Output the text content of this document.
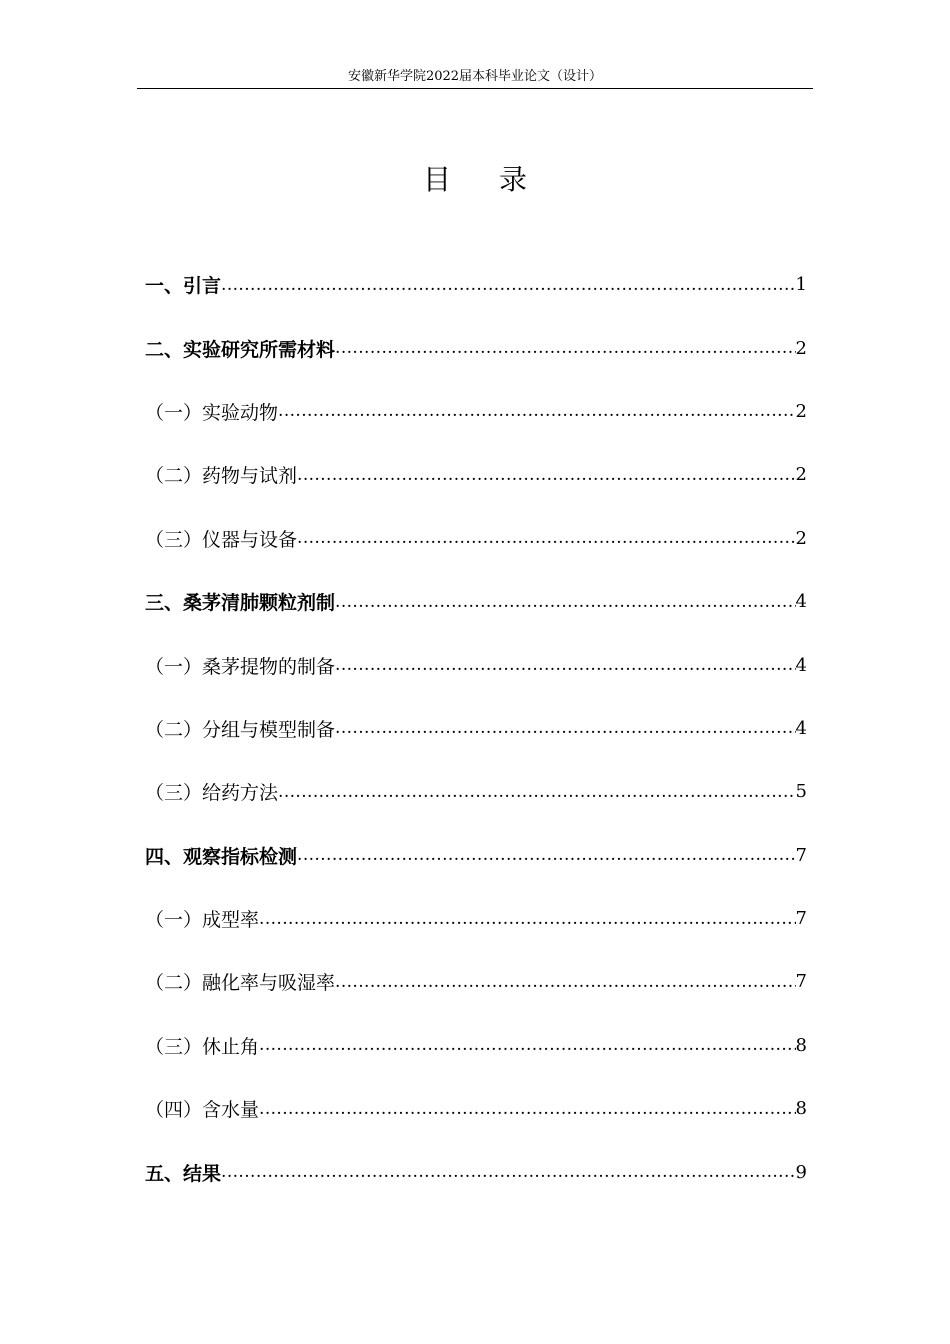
安徽新华学院2022届本科毕业论文（设计）
目 录
一、引言 .....	1
二、实验研究所需材料 .....	2
（一）实验动物 .....	2
（二）药物与试剂 .....	2
（三）仪器与设备 .....	2
三、桑茅清肺颗粒剂制 .....	4
（一）桑茅提物的制备 .....	4
（二）分组与模型制备 .....	4
（三）给药方法 .....	5
四、观察指标检测 .....	7
（一）成型率 .....	7
（二）融化率与吸湿率 .....	7
（三）休止角 .....	8
（四）含水量 .....	8
五、结果 .....	9
